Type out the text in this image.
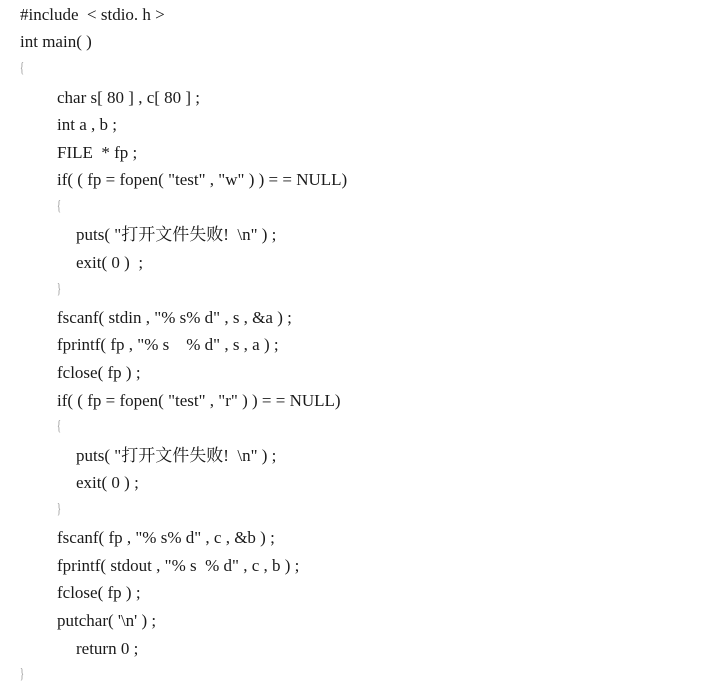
#include  < stdio. h >
int main( )
{
char s[ 80 ] , c[ 80 ] ;
int a , b ;
FILE  * fp ;
if( ( fp = fopen( "test" , "w" ) ) = = NULL)
{
puts( "打开文件失败!  \n" ) ;
exit( 0 )  ;
}
fscanf( stdin , "% s% d" , s , &a ) ;
fprintf( fp , "% s    % d" , s , a ) ;
fclose( fp ) ;
if( ( fp = fopen( "test" , "r" ) ) = = NULL)
{
puts( "打开文件失败!  \n" ) ;
exit( 0 ) ;
}
fscanf( fp , "% s% d" , c , &b ) ;
fprintf( stdout , "% s  % d" , c , b ) ;
fclose( fp ) ;
putchar( '\n' ) ;
return 0 ;
}
